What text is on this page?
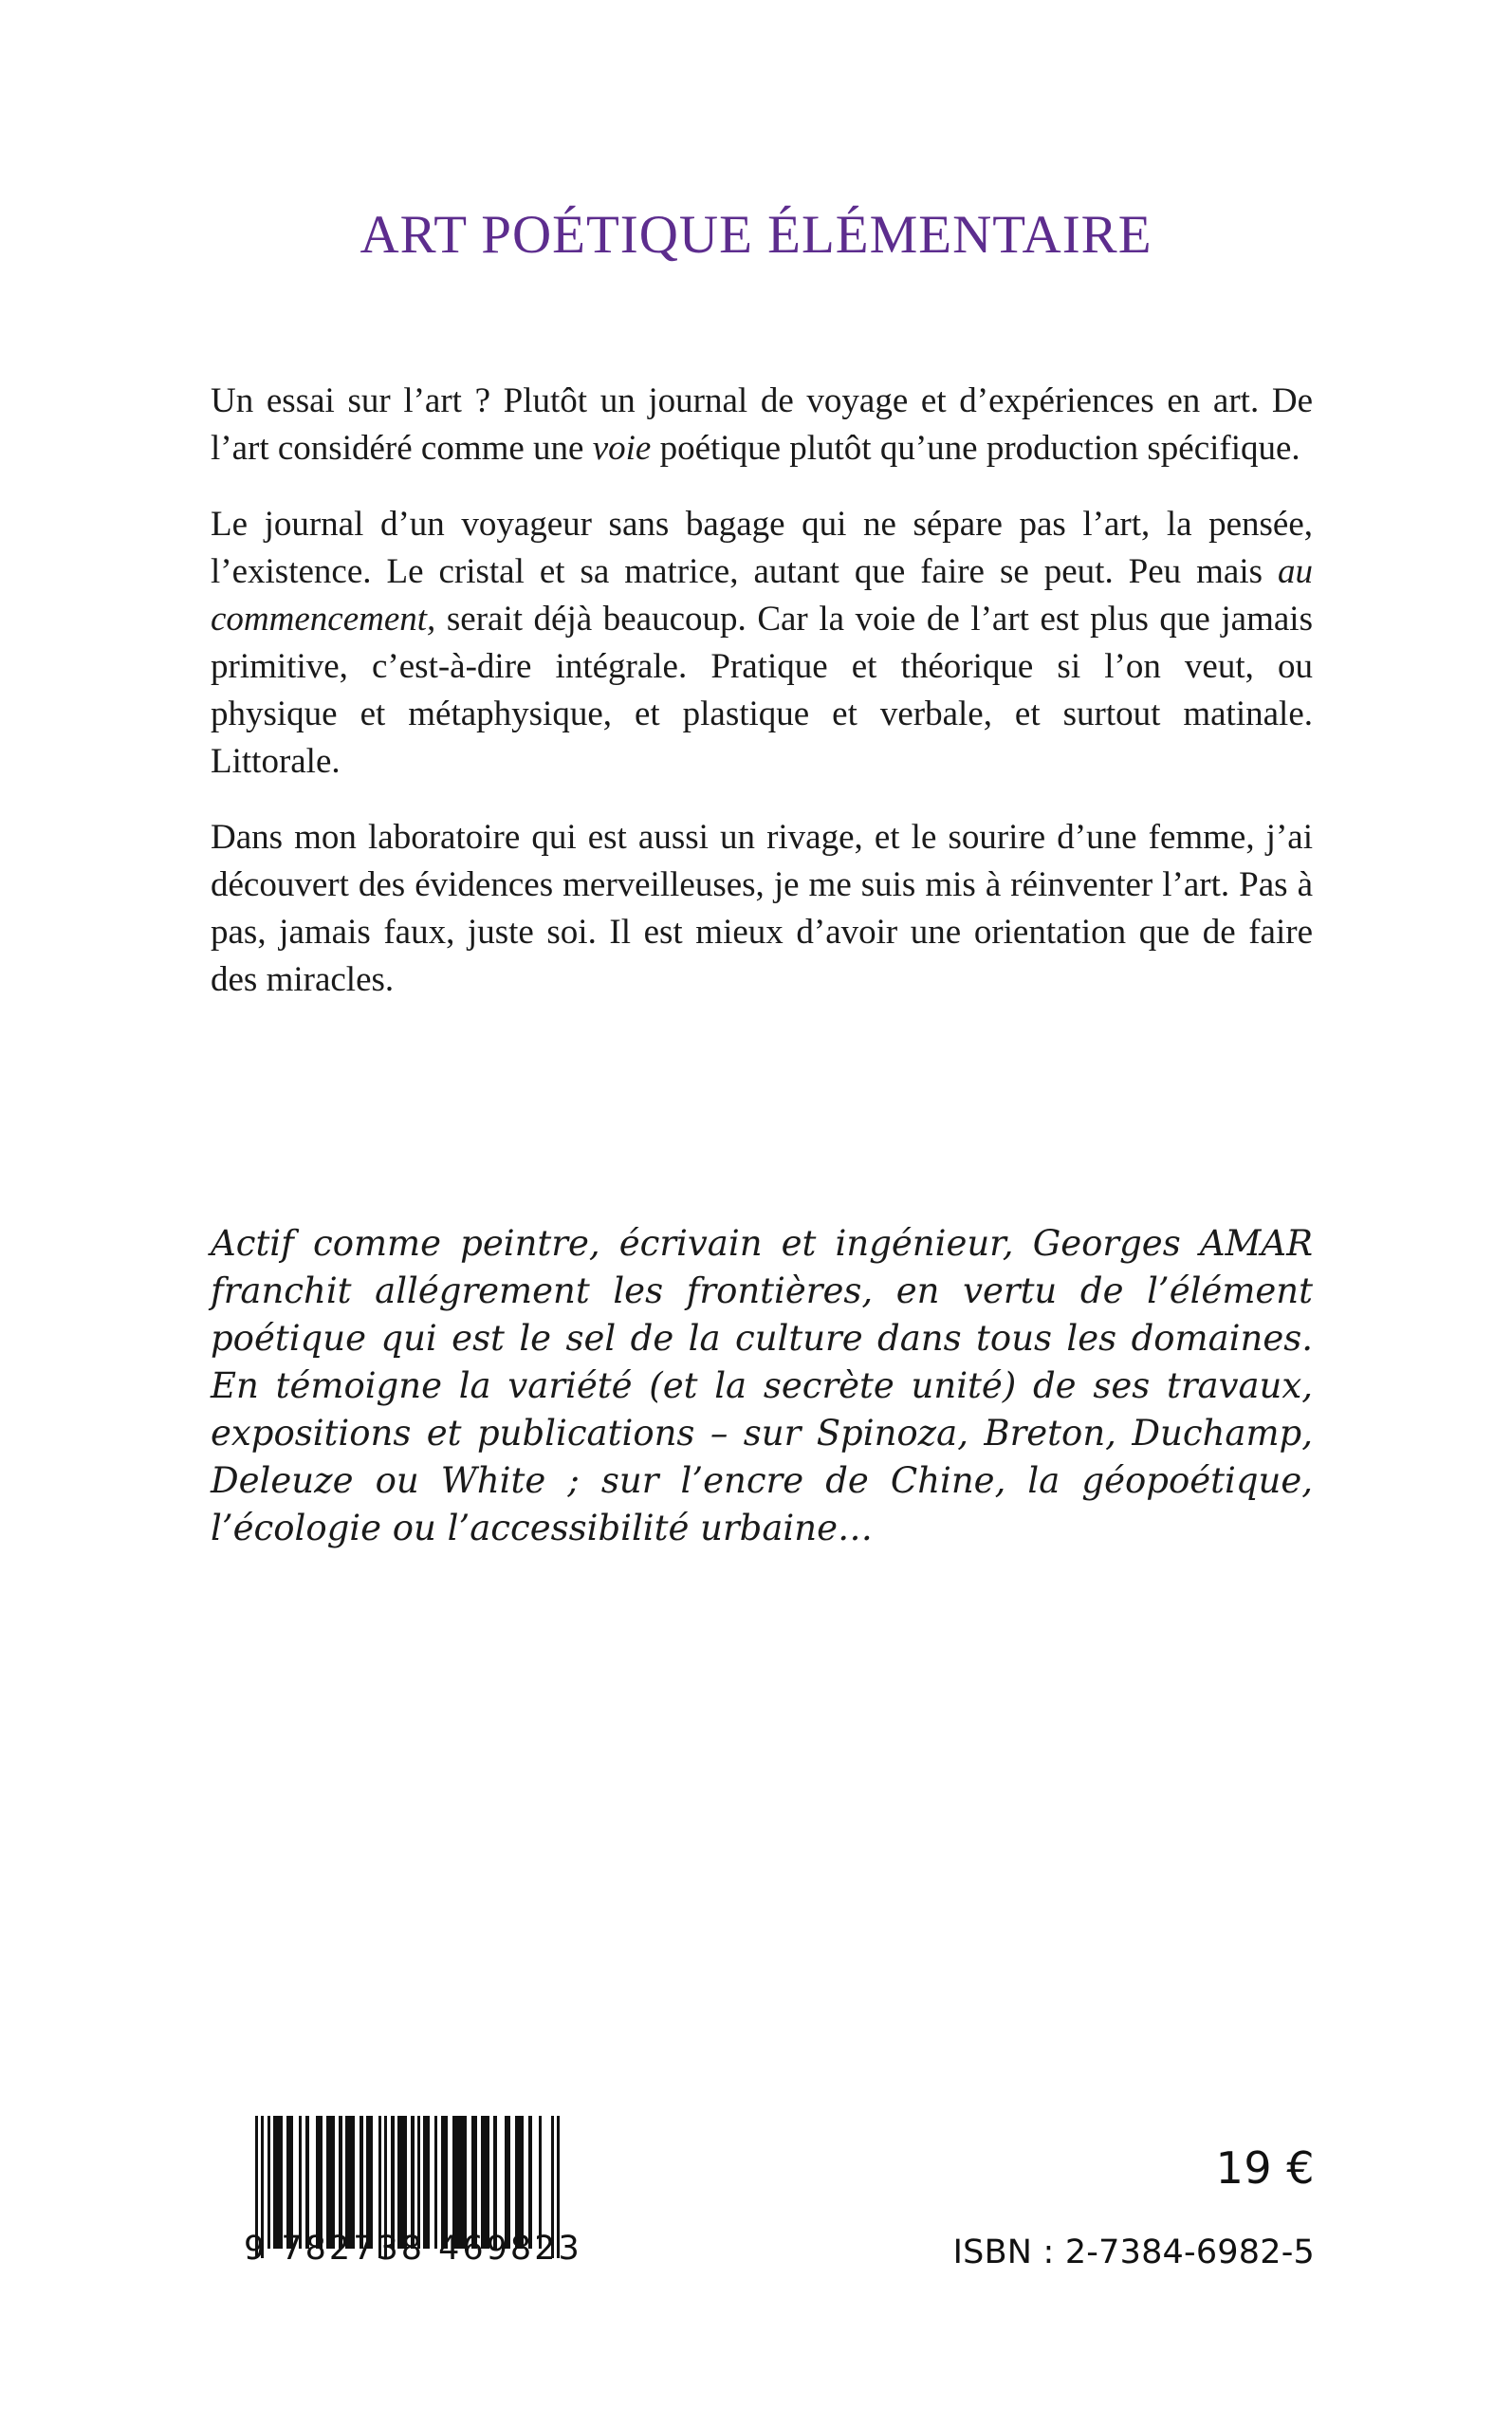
ART POÉTIQUE ÉLÉMENTAIRE

Un essai sur l’art ? Plutôt un journal de voyage et d’expériences en art. De l’art considéré comme une voie poétique plutôt qu’une production spécifique.

Le journal d’un voyageur sans bagage qui ne sépare pas l’art, la pensée, l’existence. Le cristal et sa matrice, autant que faire se peut. Peu mais au commencement, serait déjà beaucoup. Car la voie de l’art est plus que jamais primitive, c’est-à-dire intégrale. Pratique et théorique si l’on veut, ou physique et métaphysique, et plastique et verbale, et surtout matinale. Littorale.

Dans mon laboratoire qui est aussi un rivage, et le sourire d’une femme, j’ai découvert des évidences merveilleuses, je me suis mis à réinventer l’art. Pas à pas, jamais faux, juste soi. Il est mieux d’avoir une orientation que de faire des miracles.

Actif comme peintre, écrivain et ingénieur, Georges AMAR franchit allégrement les frontières, en vertu de l’élément poétique qui est le sel de la culture dans tous les domaines. En témoigne la variété (et la secrète unité) de ses travaux, expositions et publications – sur Spinoza, Breton, Duchamp, Deleuze ou White ; sur l’encre de Chine, la géopoétique, l’écologie ou l’accessibilité urbaine…

9 782738 469823
19 €
ISBN : 2-7384-6982-5
